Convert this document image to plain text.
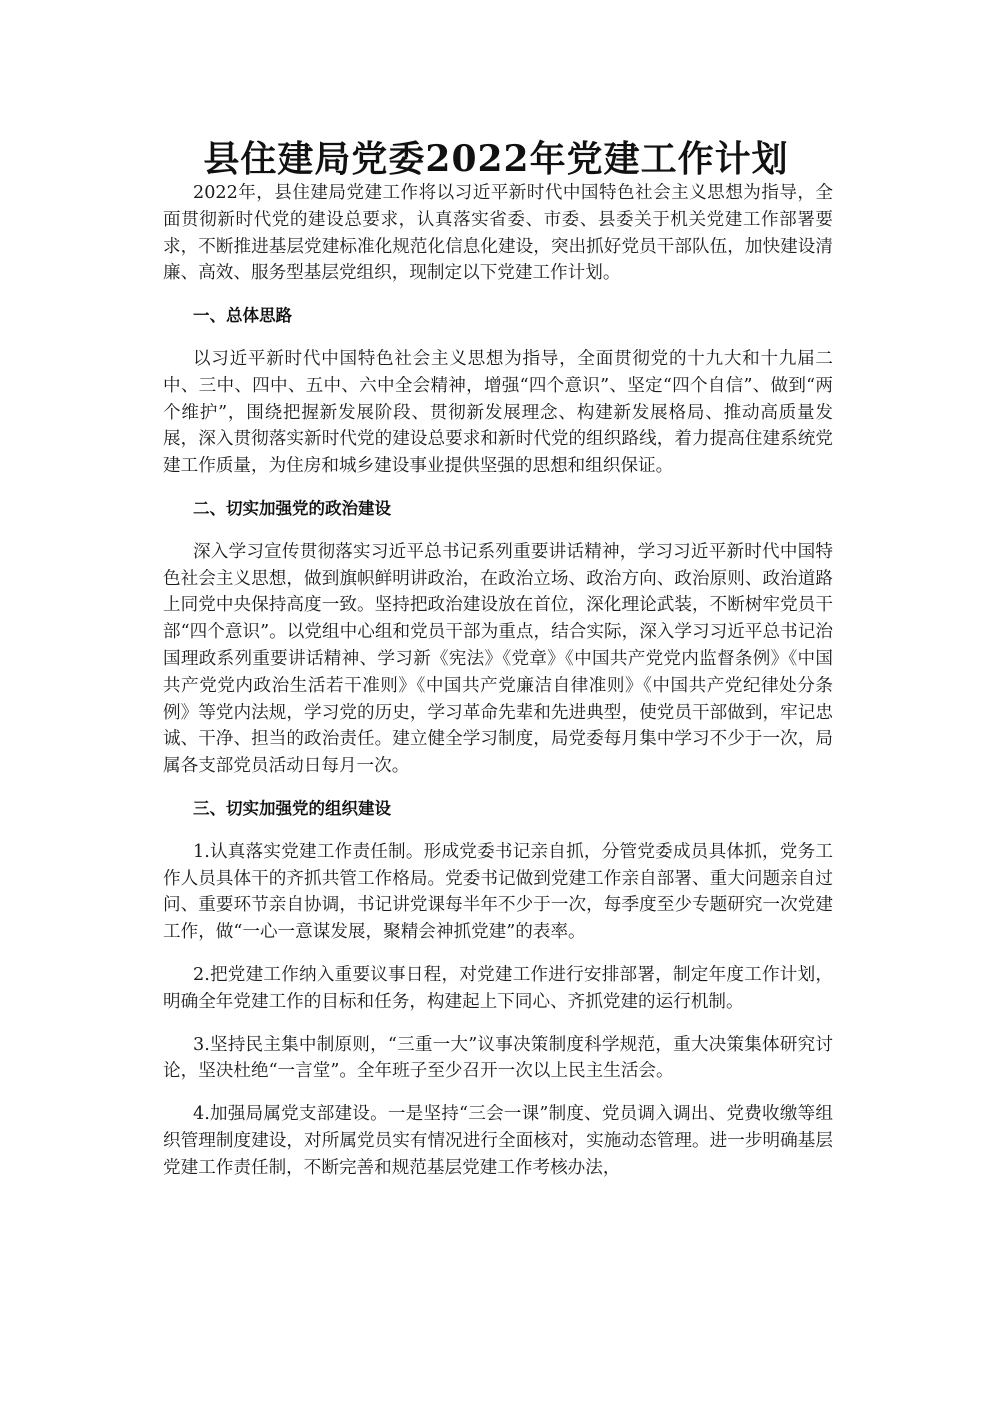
县住建局党委2022年党建工作计划

2022年，县住建局党建工作将以习近平新时代中国特色社会主义思想为指导，全面贯彻新时代党的建设总要求，认真落实省委、市委、县委关于机关党建工作部署要求，不断推进基层党建标准化规范化信息化建设，突出抓好党员干部队伍，加快建设清廉、高效、服务型基层党组织，现制定以下党建工作计划。

一、总体思路

以习近平新时代中国特色社会主义思想为指导，全面贯彻党的十九大和十九届二中、三中、四中、五中、六中全会精神，增强“四个意识”、坚定“四个自信”、做到“两个维护”，围绕把握新发展阶段、贯彻新发展理念、构建新发展格局、推动高质量发展，深入贯彻落实新时代党的建设总要求和新时代党的组织路线，着力提高住建系统党建工作质量，为住房和城乡建设事业提供坚强的思想和组织保证。

二、切实加强党的政治建设

深入学习宣传贯彻落实习近平总书记系列重要讲话精神，学习习近平新时代中国特色社会主义思想，做到旗帜鲜明讲政治，在政治立场、政治方向、政治原则、政治道路上同党中央保持高度一致。坚持把政治建设放在首位，深化理论武装，不断树牢党员干部“四个意识”。以党组中心组和党员干部为重点，结合实际，深入学习习近平总书记治国理政系列重要讲话精神、学习新《宪法》《党章》《中国共产党党内监督条例》《中国共产党党内政治生活若干准则》《中国共产党廉洁自律准则》《中国共产党纪律处分条例》等党内法规，学习党的历史，学习革命先辈和先进典型，使党员干部做到，牢记忠诚、干净、担当的政治责任。建立健全学习制度，局党委每月集中学习不少于一次，局属各支部党员活动日每月一次。

三、切实加强党的组织建设

1.认真落实党建工作责任制。形成党委书记亲自抓，分管党委成员具体抓，党务工作人员具体干的齐抓共管工作格局。党委书记做到党建工作亲自部署、重大问题亲自过问、重要环节亲自协调，书记讲党课每半年不少于一次，每季度至少专题研究一次党建工作，做“一心一意谋发展，聚精会神抓党建”的表率。

2.把党建工作纳入重要议事日程，对党建工作进行安排部署，制定年度工作计划，明确全年党建工作的目标和任务，构建起上下同心、齐抓党建的运行机制。

3.坚持民主集中制原则，“三重一大”议事决策制度科学规范，重大决策集体研究讨论，坚决杜绝“一言堂”。全年班子至少召开一次以上民主生活会。

4.加强局属党支部建设。一是坚持“三会一课”制度、党员调入调出、党费收缴等组织管理制度建设，对所属党员实有情况进行全面核对，实施动态管理。进一步明确基层党建工作责任制，不断完善和规范基层党建工作考核办法，
